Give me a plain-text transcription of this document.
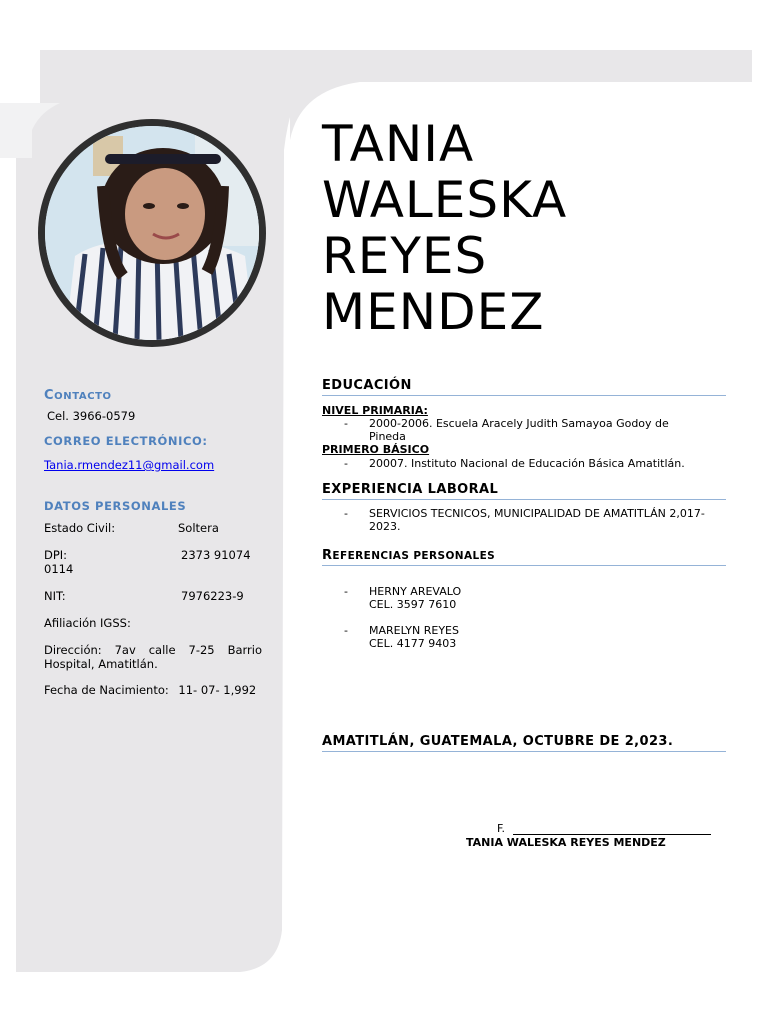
TANIA
WALESKA
REYES
MENDEZ
CONTACTO
Cel. 3966-0579
CORREO ELECTRÓNICO:
Tania.rmendez11@gmail.com
DATOS PERSONALES
Estado Civil:	Soltera
DPI:	2373 91074
0114
NIT:	7976223-9
Afiliación IGSS:
Dirección: 7av calle 7-25 Barrio
Hospital, Amatitlán.
Fecha de Nacimiento: 11- 07- 1,992
EDUCACIÓN
NIVEL PRIMARIA:
- 2000-2006. Escuela Aracely Judith Samayoa Godoy de
Pineda
PRIMERO BÁSICO
- 20007. Instituto Nacional de Educación Básica Amatitlán.
EXPERIENCIA LABORAL
- SERVICIOS TECNICOS, MUNICIPALIDAD DE AMATITLÁN 2,017-
2023.
REFERENCIAS PERSONALES
- HERNY AREVALO
CEL. 3597 7610
- MARELYN REYES
CEL. 4177 9403
AMATITLÁN, GUATEMALA, OCTUBRE DE 2,023.
F.
TANIA WALESKA REYES MENDEZ
